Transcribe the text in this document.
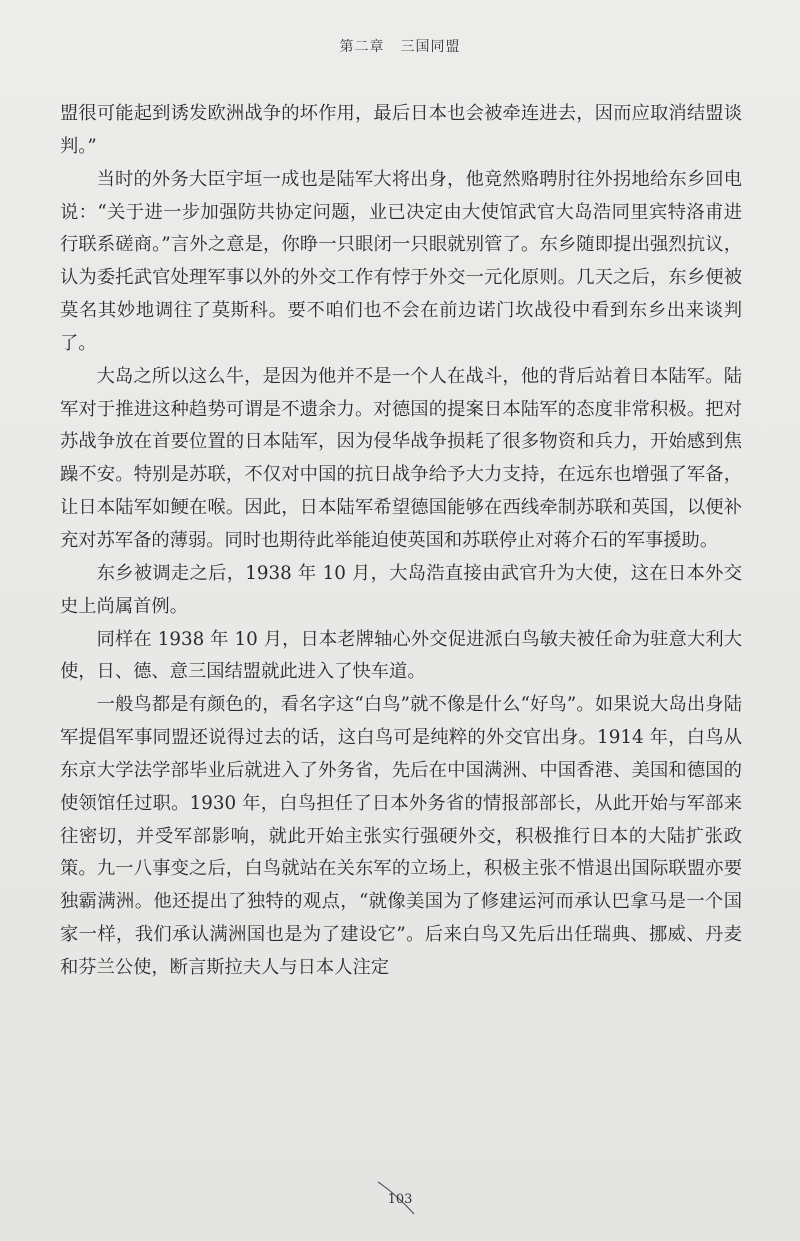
第二章 三国同盟

盟很可能起到诱发欧洲战争的坏作用，最后日本也会被牵连进去，因而应取消结盟谈判。”

当时的外务大臣宇垣一成也是陆军大将出身，他竟然赂聘肘往外拐地给东乡回电说：“关于进一步加强防共协定问题，业已决定由大使馆武官大岛浩同里宾特洛甫进行联系磋商。”言外之意是，你睁一只眼闭一只眼就别管了。东乡随即提出强烈抗议，认为委托武官处理军事以外的外交工作有悖于外交一元化原则。几天之后，东乡便被莫名其妙地调往了莫斯科。要不咱们也不会在前边诺门坎战役中看到东乡出来谈判了。

大岛之所以这么牛，是因为他并不是一个人在战斗，他的背后站着日本陆军。陆军对于推进这种趋势可谓是不遗余力。对德国的提案日本陆军的态度非常积极。把对苏战争放在首要位置的日本陆军，因为侵华战争损耗了很多物资和兵力，开始感到焦躁不安。特别是苏联，不仅对中国的抗日战争给予大力支持，在远东也增强了军备，让日本陆军如鲠在喉。因此，日本陆军希望德国能够在西线牵制苏联和英国，以便补充对苏军备的薄弱。同时也期待此举能迫使英国和苏联停止对蒋介石的军事援助。

东乡被调走之后，1938 年 10 月，大岛浩直接由武官升为大使，这在日本外交史上尚属首例。

同样在 1938 年 10 月，日本老牌轴心外交促进派白鸟敏夫被任命为驻意大利大使，日、德、意三国结盟就此进入了快车道。

一般鸟都是有颜色的，看名字这“白鸟”就不像是什么“好鸟”。如果说大岛出身陆军提倡军事同盟还说得过去的话，这白鸟可是纯粹的外交官出身。1914 年，白鸟从东京大学法学部毕业后就进入了外务省，先后在中国满洲、中国香港、美国和德国的使领馆任过职。1930 年，白鸟担任了日本外务省的情报部部长，从此开始与军部来往密切，并受军部影响，就此开始主张实行强硬外交，积极推行日本的大陆扩张政策。九一八事变之后，白鸟就站在关东军的立场上，积极主张不惜退出国际联盟亦要独霸满洲。他还提出了独特的观点，“就像美国为了修建运河而承认巴拿马是一个国家一样，我们承认满洲国也是为了建设它”。后来白鸟又先后出任瑞典、挪威、丹麦和芬兰公使，断言斯拉夫人与日本人注定

103
